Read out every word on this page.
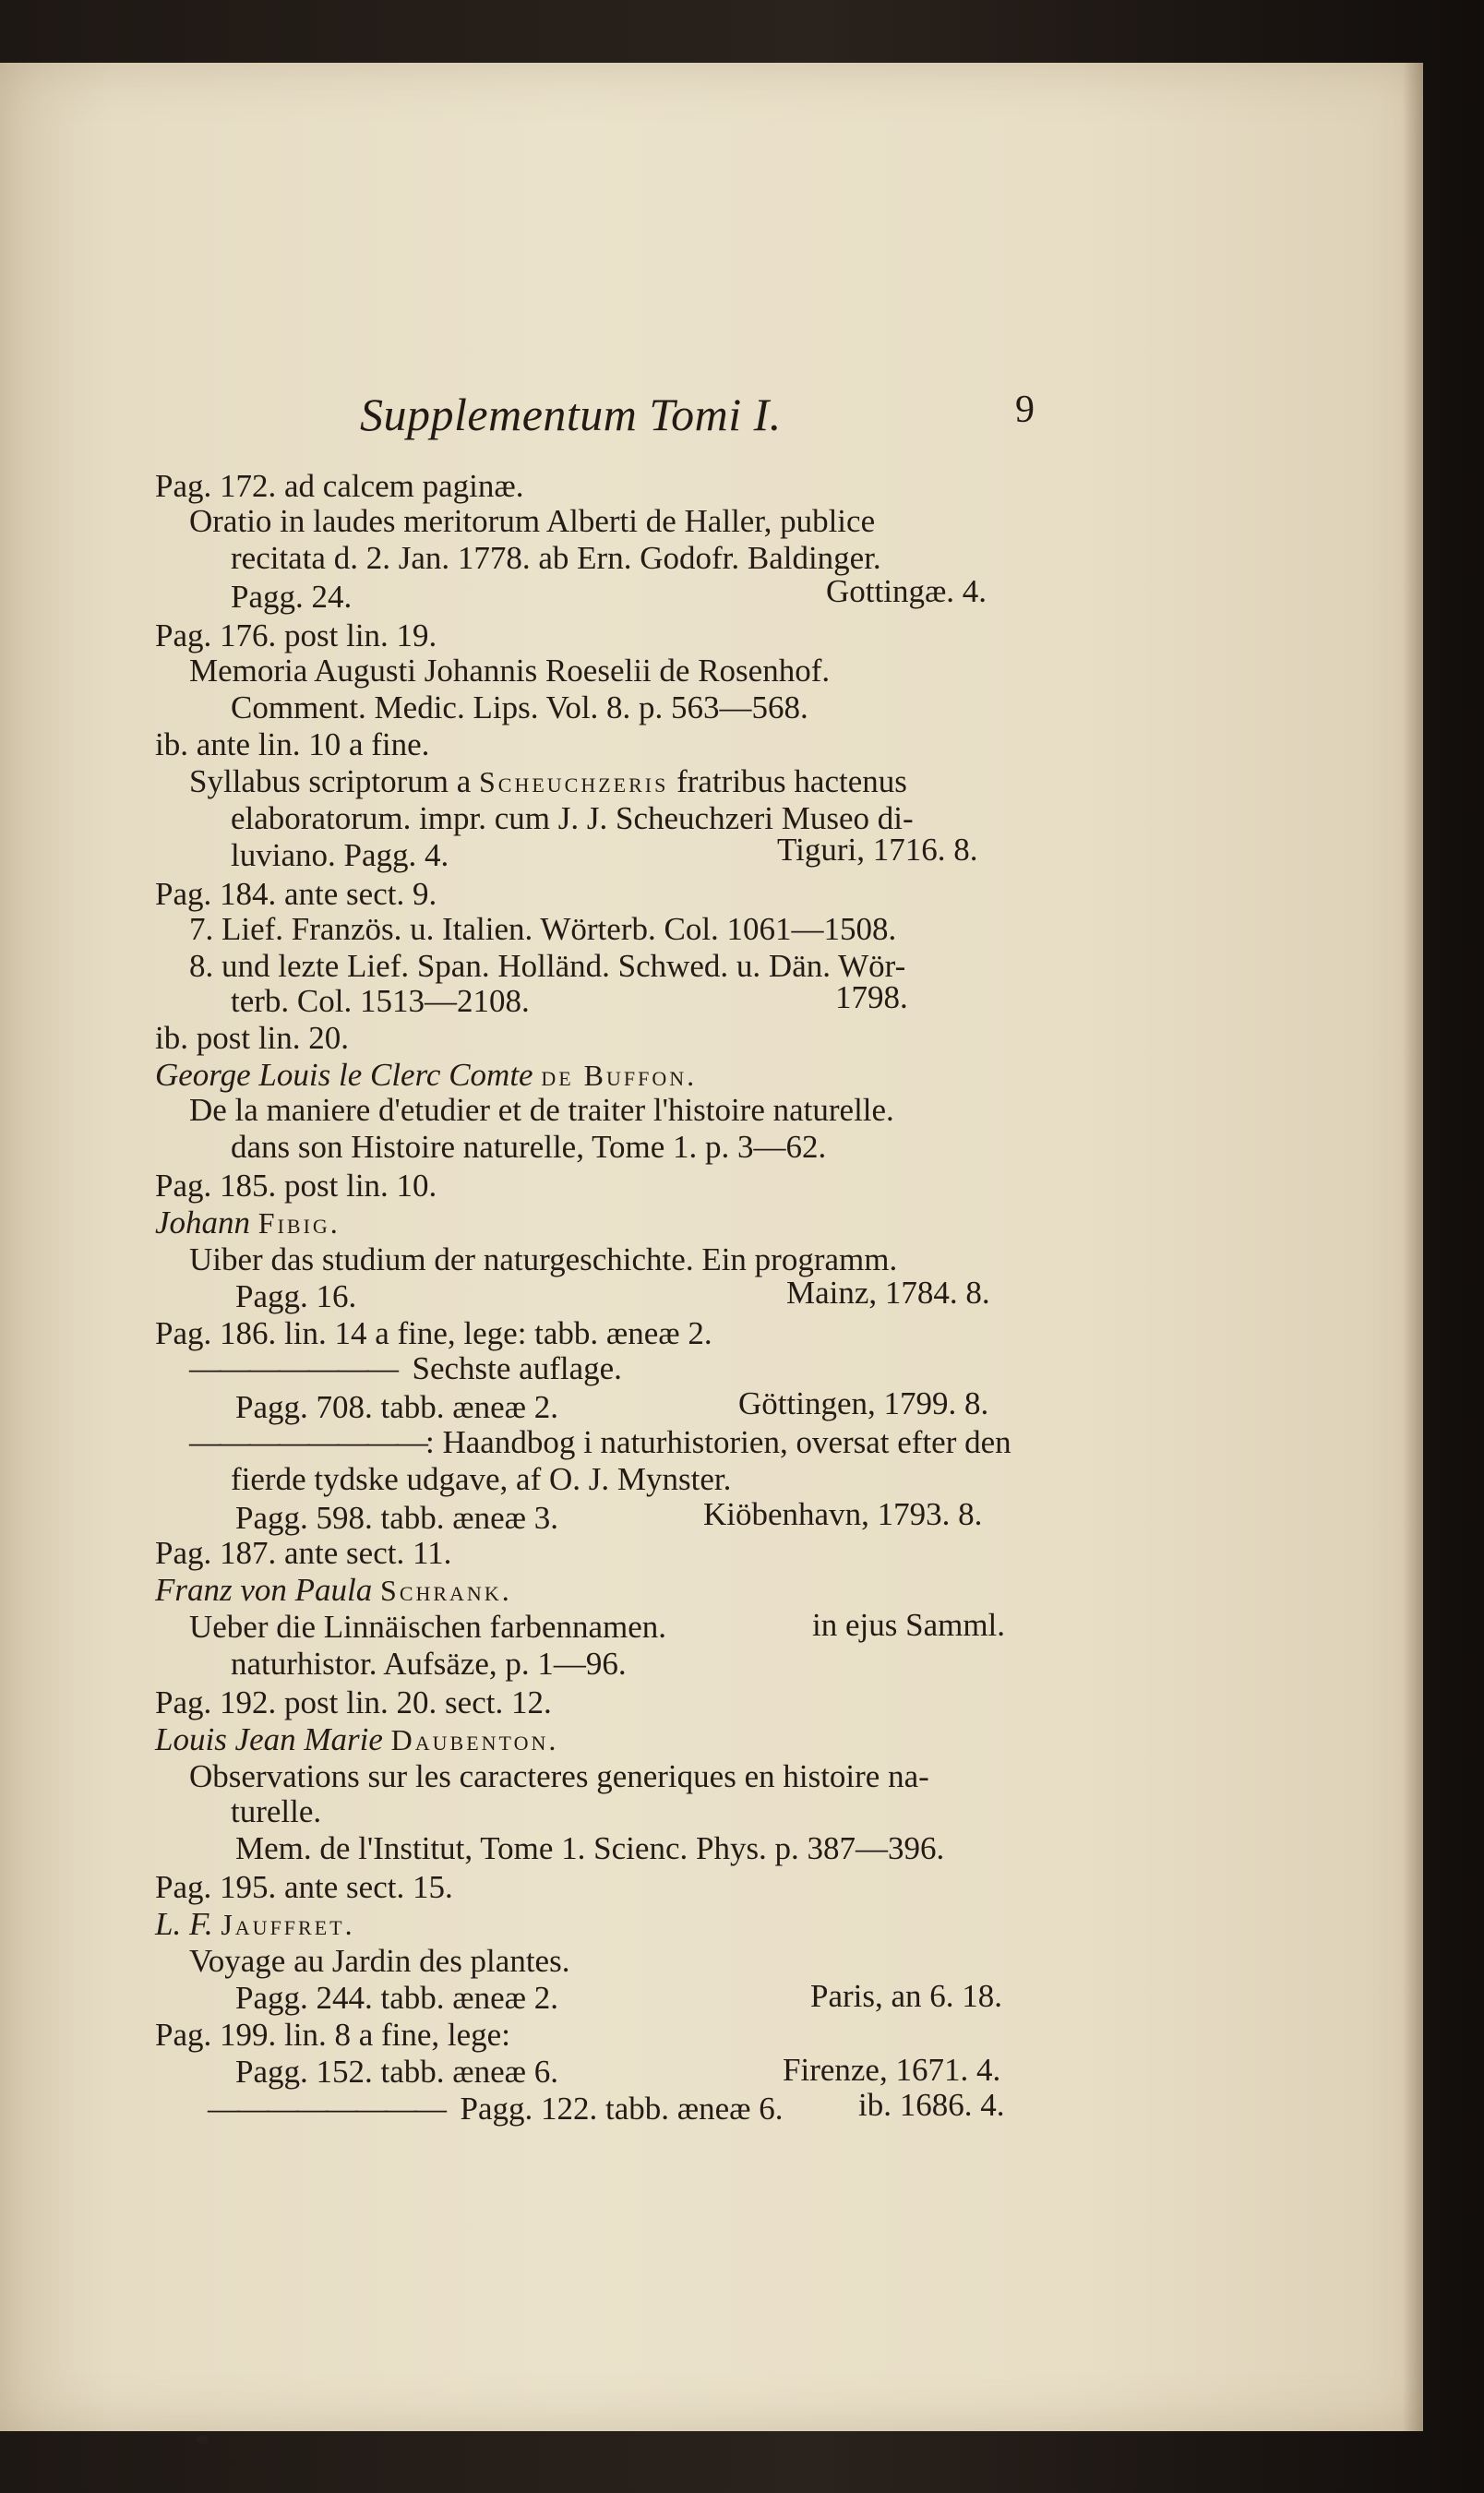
Supplementum Tomi I.	9
Pag. 172. ad calcem paginæ.
Oratio in laudes meritorum Alberti de Haller, publice
recitata d. 2. Jan. 1778. ab Ern. Godofr. Baldinger.
Pagg. 24.	Gottingæ. 4.
Pag. 176. post lin. 19.
Memoria Augusti Johannis Roeselii de Rosenhof.
Comment. Medic. Lips. Vol. 8. p. 563—568.
ib. ante lin. 10 a fine.
Syllabus scriptorum a Scheuchzeris fratribus hactenus
elaboratorum. impr. cum J. J. Scheuchzeri Museo di-
luviano. Pagg. 4.	Tiguri, 1716. 8.
Pag. 184. ante sect. 9.
7. Lief. Französ. u. Italien. Wörterb. Col. 1061—1508.
8. und lezte Lief. Span. Holländ. Schwed. u. Dän. Wör-
terb. Col. 1513—2108.	1798.
ib. post lin. 20.
George Louis le Clerc Comte de Buffon.
De la maniere d'etudier et de traiter l'histoire naturelle.
dans son Histoire naturelle, Tome 1. p. 3—62.
Pag. 185. post lin. 10.
Johann Fibig.
Uiber das studium der naturgeschichte. Ein programm.
Pagg. 16.	Mainz, 1784. 8.
Pag. 186. lin. 14 a fine, lege: tabb. æneæ 2.
——————— Sechste auflage.
Pagg. 708. tabb. æneæ 2.	Göttingen, 1799. 8.
————————: Haandbog i naturhistorien, oversat efter den
fierde tydske udgave, af O. J. Mynster.
Pagg. 598. tabb. æneæ 3.	Kiöbenhavn, 1793. 8.
Pag. 187. ante sect. 11.
Franz von Paula Schrank.
Ueber die Linnäischen farbennamen.	in ejus Samml.
naturhistor. Aufsäze, p. 1—96.
Pag. 192. post lin. 20. sect. 12.
Louis Jean Marie Daubenton.
Observations sur les caracteres generiques en histoire na-
turelle.
Mem. de l'Institut, Tome 1. Scienc. Phys. p. 387—396.
Pag. 195. ante sect. 15.
L. F. Jauffret.
Voyage au Jardin des plantes.
Pagg. 244. tabb. æneæ 2.	Paris, an 6. 18.
Pag. 199. lin. 8 a fine, lege:
Pagg. 152. tabb. æneæ 6.	Firenze, 1671. 4.
———————— Pagg. 122. tabb. æneæ 6. ib. 1686. 4.
